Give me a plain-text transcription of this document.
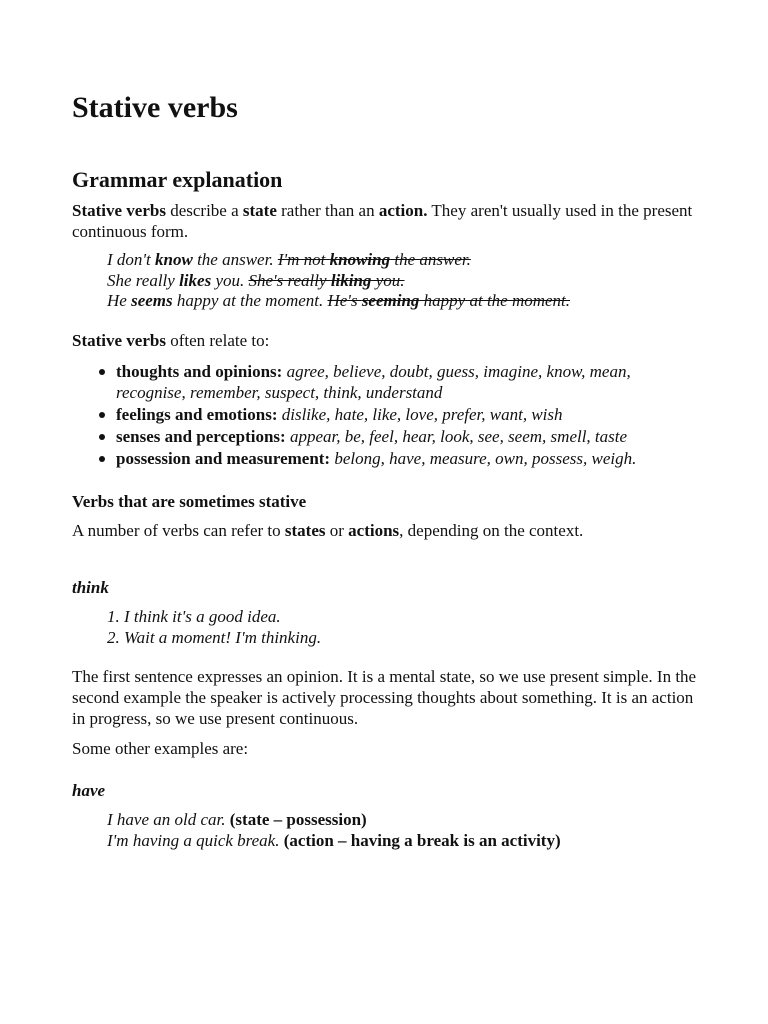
Stative verbs
Grammar explanation

Stative verbs describe a state rather than an action. They aren't usually used in the present continuous form.

I don't know the answer. I'm not knowing the answer.
She really likes you. She's really liking you.
He seems happy at the moment. He's seeming happy at the moment.

Stative verbs often relate to:

thoughts and opinions: agree, believe, doubt, guess, imagine, know, mean, recognise, remember, suspect, think, understand
feelings and emotions: dislike, hate, like, love, prefer, want, wish
senses and perceptions: appear, be, feel, hear, look, see, seem, smell, taste
possession and measurement: belong, have, measure, own, possess, weigh.
Verbs that are sometimes stative

A number of verbs can refer to states or actions, depending on the context.

think
1. I think it's a good idea.
2. Wait a moment! I'm thinking.

The first sentence expresses an opinion. It is a mental state, so we use present simple. In the second example the speaker is actively processing thoughts about something. It is an action in progress, so we use present continuous.

Some other examples are:

have
I have an old car. (state – possession)
I'm having a quick break. (action – having a break is an activity)
